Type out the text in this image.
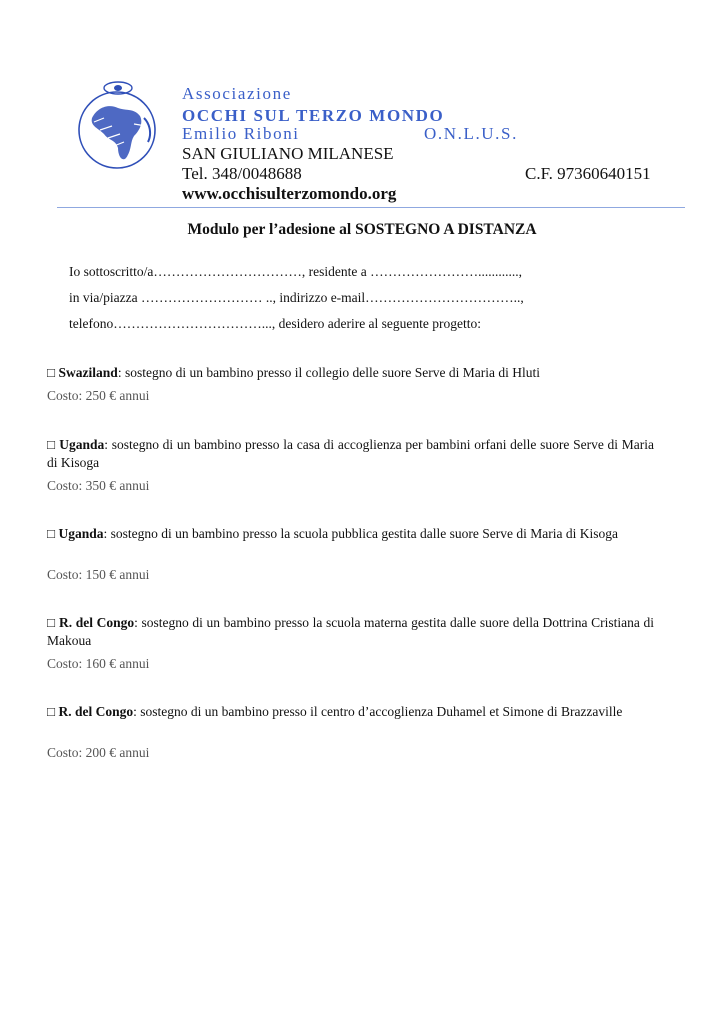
Associazione
OCCHI SUL TERZO MONDO
Emilio Riboni	O.N.L.U.S.
SAN GIULIANO MILANESE
Tel. 348/0048688	C.F. 97360640151
www.occhisulterzomondo.org
Modulo per l’adesione al SOSTEGNO A DISTANZA
Io sottoscritto/a……………………………, residente a ……………………............,
in via/piazza ……………………… .., indirizzo e-mail……………………………..,
telefono……………………………..., desidero aderire al seguente progetto:
□ Swaziland: sostegno di un bambino presso il collegio delle suore Serve di Maria di Hluti
Costo: 250 € annui
□ Uganda: sostegno di un bambino presso la casa di accoglienza per bambini orfani delle suore Serve di Maria di Kisoga
Costo: 350 € annui
□ Uganda: sostegno di un bambino presso la scuola pubblica gestita dalle suore Serve di Maria di Kisoga
Costo: 150 € annui
□ R. del Congo: sostegno di un bambino presso la scuola materna gestita dalle suore della Dottrina Cristiana di Makoua
Costo: 160 € annui
□ R. del Congo: sostegno di un bambino presso il centro d’accoglienza Duhamel et Simone di Brazzaville
Costo: 200 € annui
